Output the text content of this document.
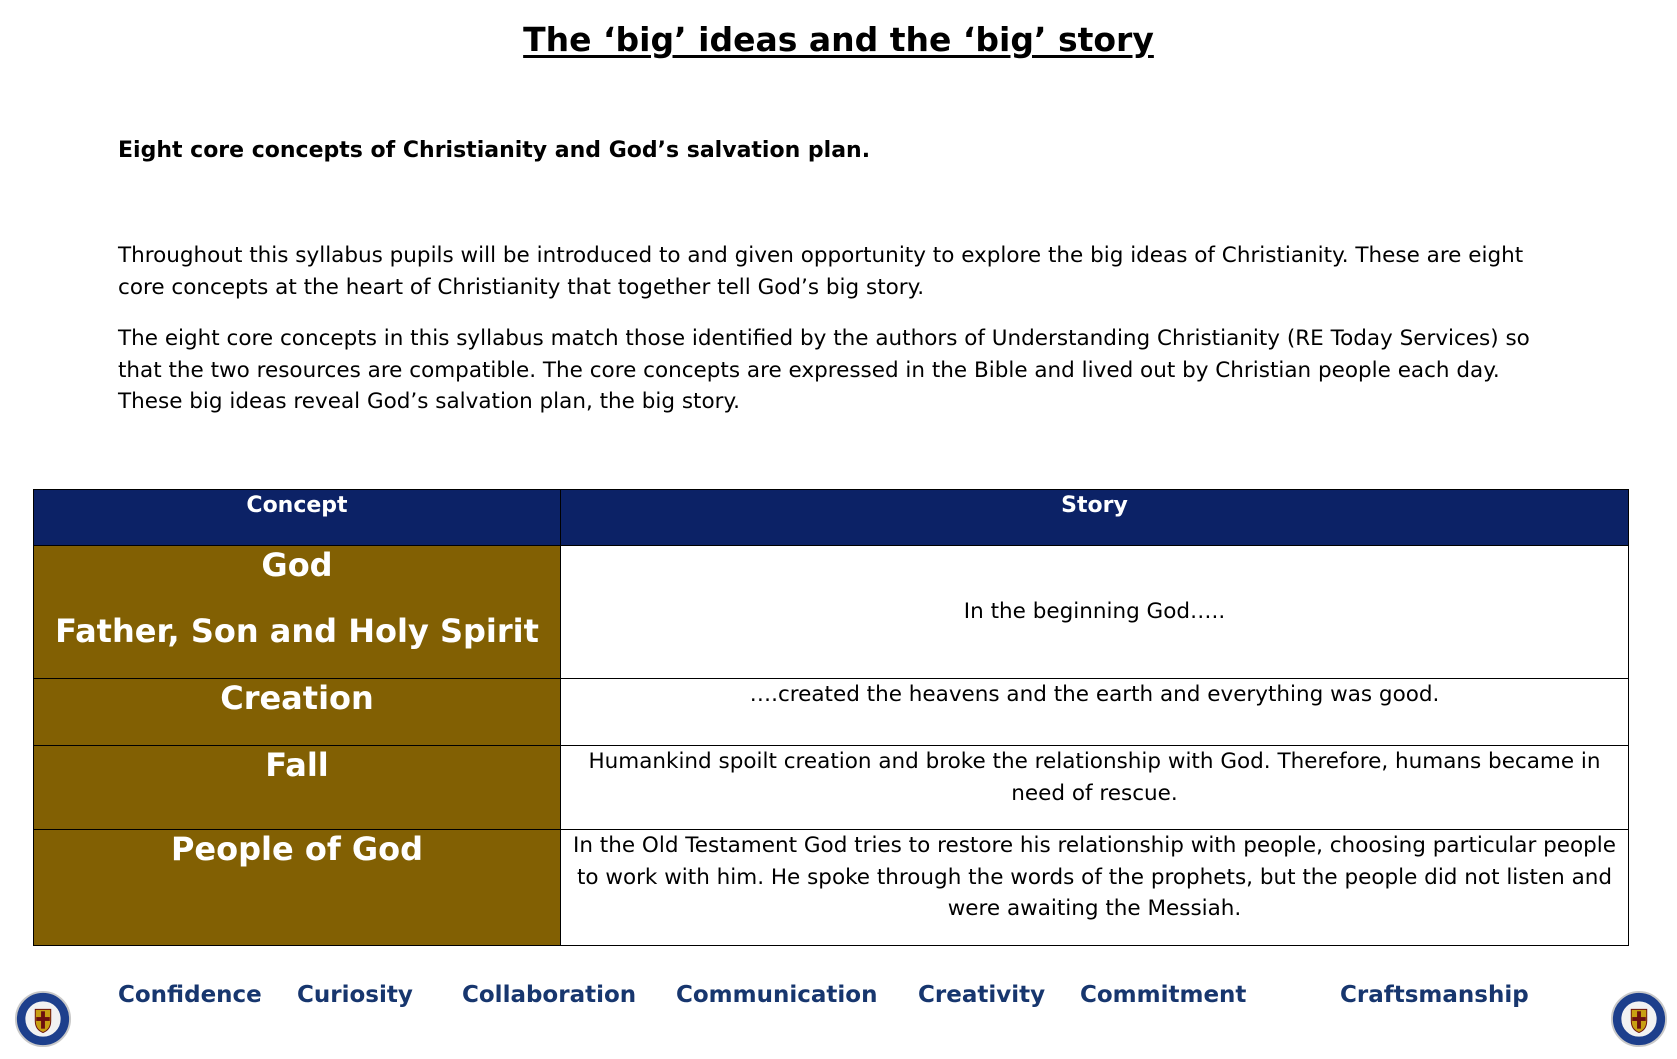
The ‘big’ ideas and the ‘big’ story

Eight core concepts of Christianity and God’s salvation plan.

Throughout this syllabus pupils will be introduced to and given opportunity to explore the big ideas of Christianity. These are eight core concepts at the heart of Christianity that together tell God’s big story.

The eight core concepts in this syllabus match those identified by the authors of Understanding Christianity (RE Today Services) so that the two resources are compatible. The core concepts are expressed in the Bible and lived out by Christian people each day. These big ideas reveal God’s salvation plan, the big story.

Concept	Story

God
Father, Son and Holy Spirit	In the beginning God…..

Creation	….created the heavens and the earth and everything was good.

Fall	Humankind spoilt creation and broke the relationship with God. Therefore, humans became in need of rescue.

People of God	In the Old Testament God tries to restore his relationship with people, choosing particular people to work with him. He spoke through the words of the prophets, but the people did not listen and were awaiting the Messiah.
Confidence Curiosity Collaboration Communication Creativity Commitment	Craftsmanship
